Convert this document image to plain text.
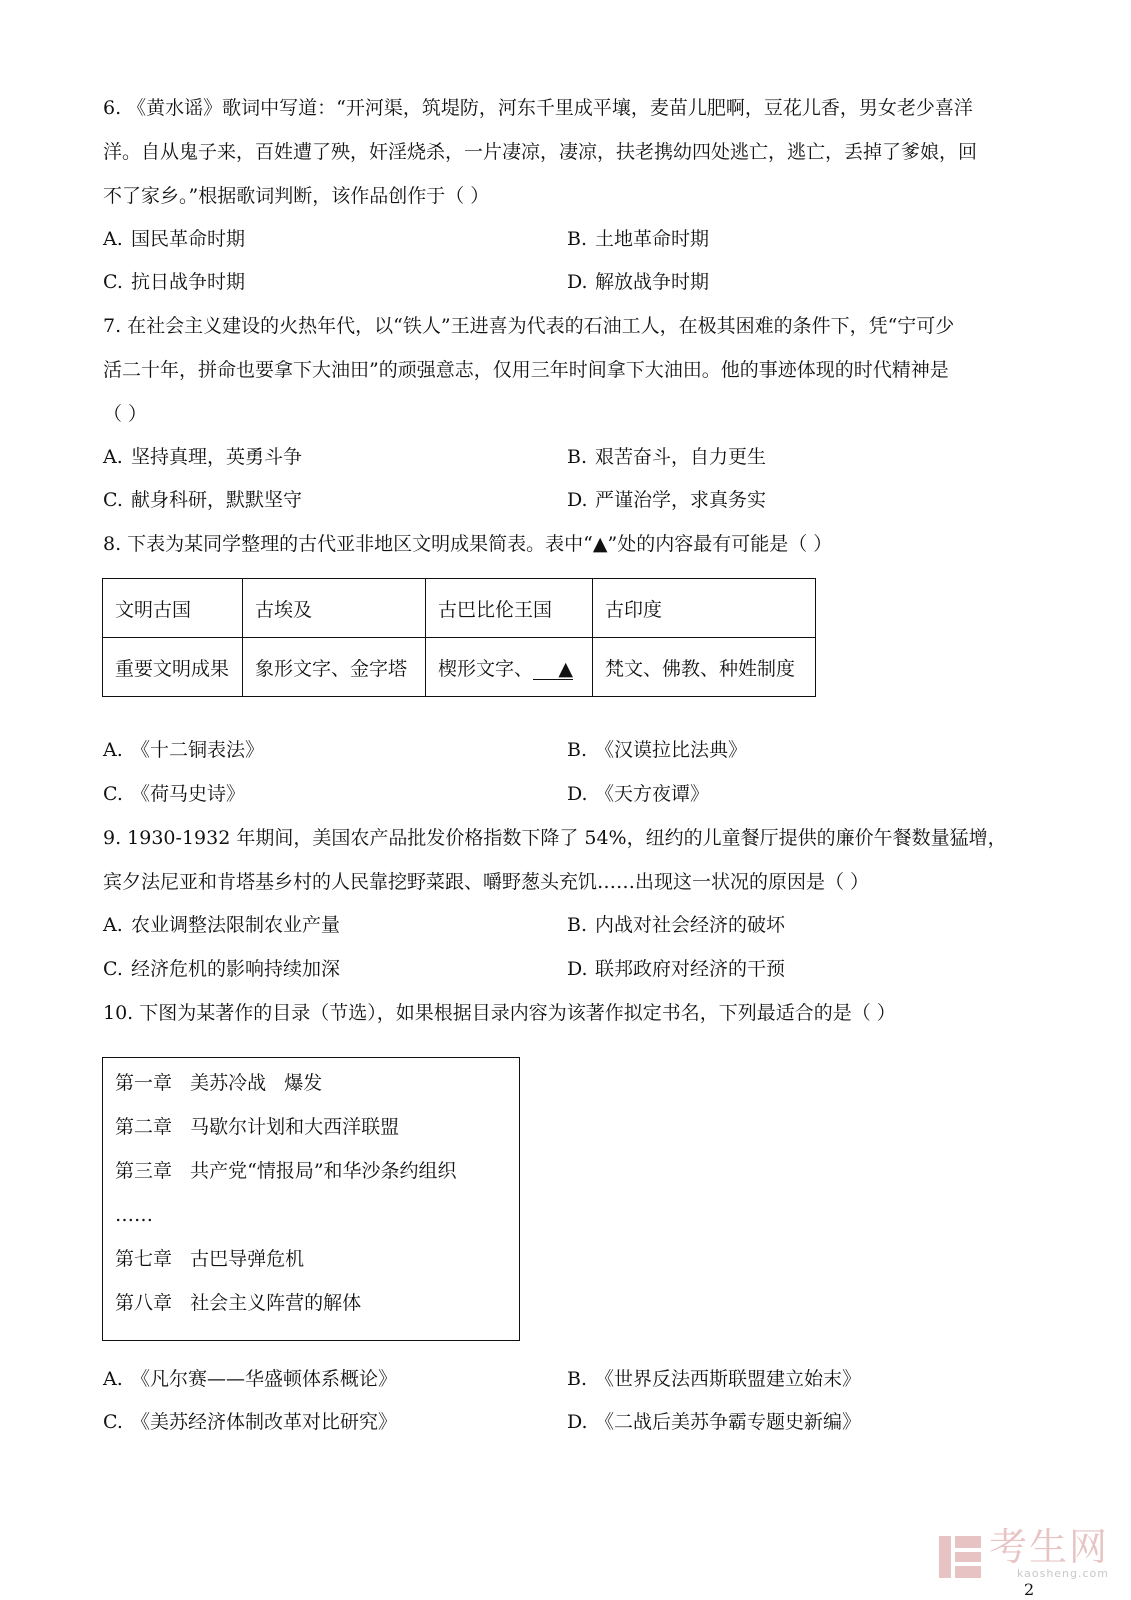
6. 《黄水谣》歌词中写道：“开河渠，筑堤防，河东千里成平壤，麦苗儿肥啊，豆花儿香，男女老少喜洋
洋。自从鬼子来，百姓遭了殃，奸淫烧杀，一片凄凉，凄凉，扶老携幼四处逃亡，逃亡，丢掉了爹娘，回
不了家乡。”根据歌词判断，该作品创作于（ ）
A. 国民革命时期	B. 土地革命时期
C. 抗日战争时期	D. 解放战争时期
7. 在社会主义建设的火热年代，以“铁人”王进喜为代表的石油工人，在极其困难的条件下，凭“宁可少
活二十年，拼命也要拿下大油田”的顽强意志，仅用三年时间拿下大油田。他的事迹体现的时代精神是
（ ）
A. 坚持真理，英勇斗争	B. 艰苦奋斗，自力更生
C. 献身科研，默默坚守	D. 严谨治学，求真务实
8. 下表为某同学整理的古代亚非地区文明成果简表。表中“▲”处的内容最有可能是（ ）
文明古国	古埃及	古巴比伦王国	古印度
重要文明成果	象形文字、金字塔	楔形文字、 ▲	梵文、佛教、种姓制度
A. 《十二铜表法》	B. 《汉谟拉比法典》
C. 《荷马史诗》	D. 《天方夜谭》
9. 1930-1932 年期间，美国农产品批发价格指数下降了 54%，纽约的儿童餐厅提供的廉价午餐数量猛增，
宾夕法尼亚和肯塔基乡村的人民靠挖野菜跟、嚼野葱头充饥……出现这一状况的原因是（ ）
A. 农业调整法限制农业产量	B. 内战对社会经济的破坏
C. 经济危机的影响持续加深	D. 联邦政府对经济的干预
10. 下图为某著作的目录（节选），如果根据目录内容为该著作拟定书名，下列最适合的是（ ）
第一章   美苏冷战   爆发
第二章   马歇尔计划和大西洋联盟
第三章   共产党“情报局”和华沙条约组织
……
第七章   古巴导弹危机
第八章   社会主义阵营的解体
A. 《凡尔赛——华盛顿体系概论》	B. 《世界反法西斯联盟建立始末》
C. 《美苏经济体制改革对比研究》	D. 《二战后美苏争霸专题史新编》
考生网
kaosheng.com
2
